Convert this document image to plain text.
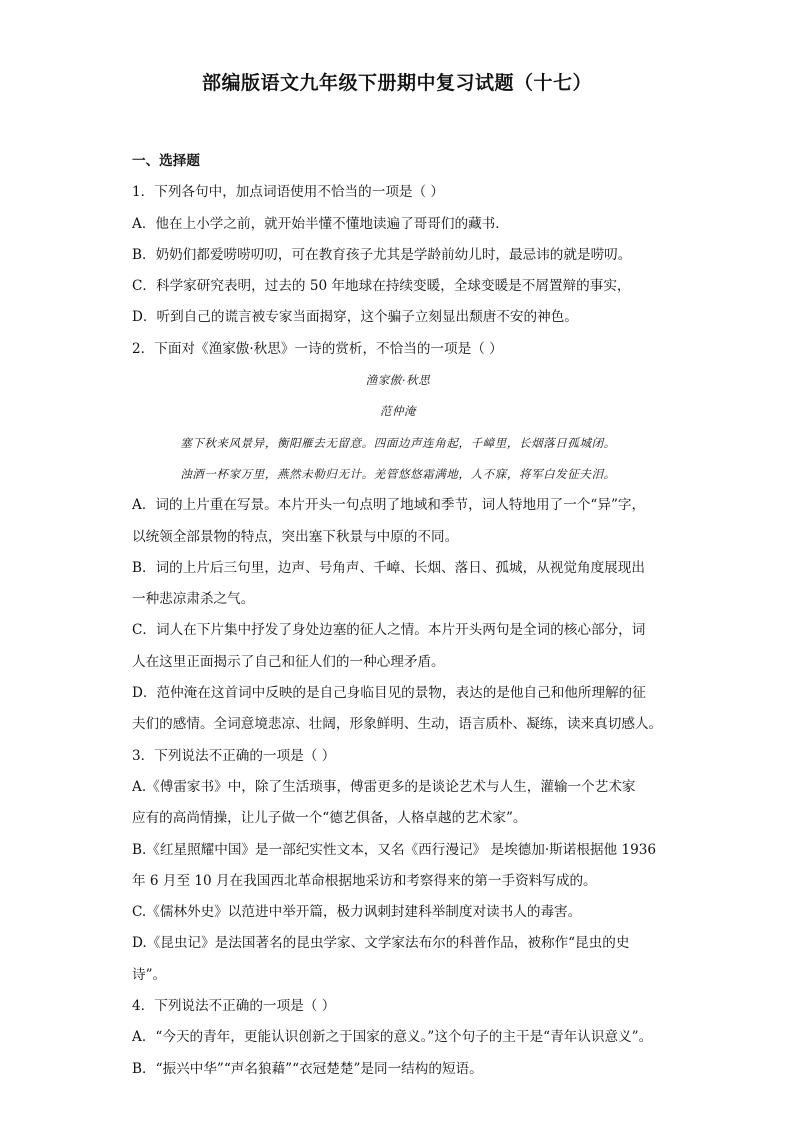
部编版语文九年级下册期中复习试题（十七）

一、选择题

1．下列各句中，加点词语使用不恰当的一项是（ ）

A．他在上小学之前，就开始半懂不懂地读遍了哥哥们的藏书．

B．奶奶们都爱唠唠叨叨，可在教育孩子尤其是学龄前幼儿时，最忌讳的就是唠叨。

C．科学家研究表明，过去的 50 年地球在持续变暖，全球变暖是不屑置辩的事实，

D．听到自己的谎言被专家当面揭穿，这个骗子立刻显出颓唐不安的神色。

2．下面对《渔家傲·秋思》一诗的赏析，不恰当的一项是（ ）

渔家傲·秋思

范仲淹

塞下秋来风景异，衡阳雁去无留意。四面边声连角起，千嶂里，长烟落日孤城闭。

浊酒一杯家万里，燕然未勒归无计。羌管悠悠霜满地，人不寐，将军白发征夫泪。

A．词的上片重在写景。本片开头一句点明了地域和季节，词人特地用了一个“异”字，

以统领全部景物的特点，突出塞下秋景与中原的不同。

B．词的上片后三句里，边声、号角声、千嶂、长烟、落日、孤城，从视觉角度展现出

一种悲凉肃杀之气。

C．词人在下片集中抒发了身处边塞的征人之情。本片开头两句是全词的核心部分，词

人在这里正面揭示了自己和征人们的一种心理矛盾。

D．范仲淹在这首词中反映的是自己身临目见的景物，表达的是他自己和他所理解的征

夫们的感情。全词意境悲凉、壮阔，形象鲜明、生动，语言质朴、凝练，读来真切感人。

3．下列说法不正确的一项是（ ）

A.《傅雷家书》中，除了生活琐事，傅雷更多的是谈论艺术与人生，灌输一个艺术家

应有的高尚情操，让儿子做一个“德艺俱备，人格卓越的艺术家”。

B.《红星照耀中国》是一部纪实性文本，又名《西行漫记》 是埃德加·斯诺根据他 1936

年 6 月至 10 月在我国西北革命根据地采访和考察得来的第一手资料写成的。

C.《儒林外史》以范进中举开篇，极力讽刺封建科举制度对读书人的毒害。

D.《昆虫记》是法国著名的昆虫学家、文学家法布尔的科普作品，被称作“昆虫的史

诗”。

4．下列说法不正确的一项是（ ）

A．“今天的青年，更能认识创新之于国家的意义。”这个句子的主干是“青年认识意义”。

B．“振兴中华”“声名狼藉”“衣冠楚楚”是同一结构的短语。
